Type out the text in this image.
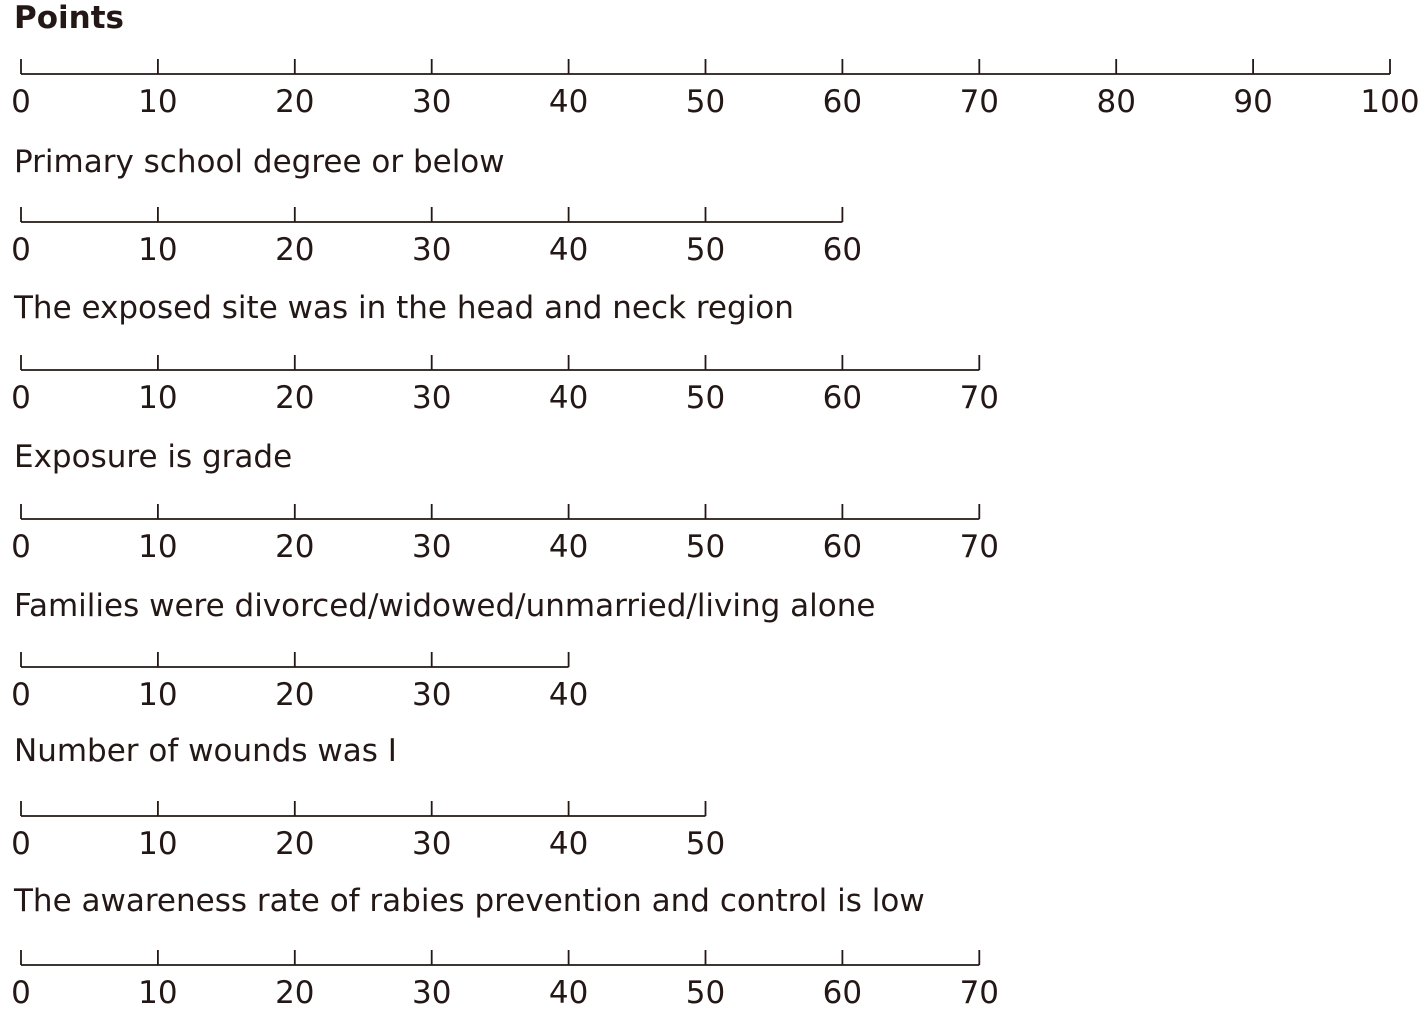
Points
0	10	20	30	40	50	60	70	80	90	100
Primary school degree or below
0	10	20	30	40	50	60
The exposed site was in the head and neck region
0	10	20	30	40	50	60	70
Exposure is grade
0	10	20	30	40	50	60	70
Families were divorced/widowed/unmarried/living alone
0	10	20	30	40
Number of wounds was I
0	10	20	30	40	50
The awareness rate of rabies prevention and control is low
0	10	20	30	40	50	60	70
